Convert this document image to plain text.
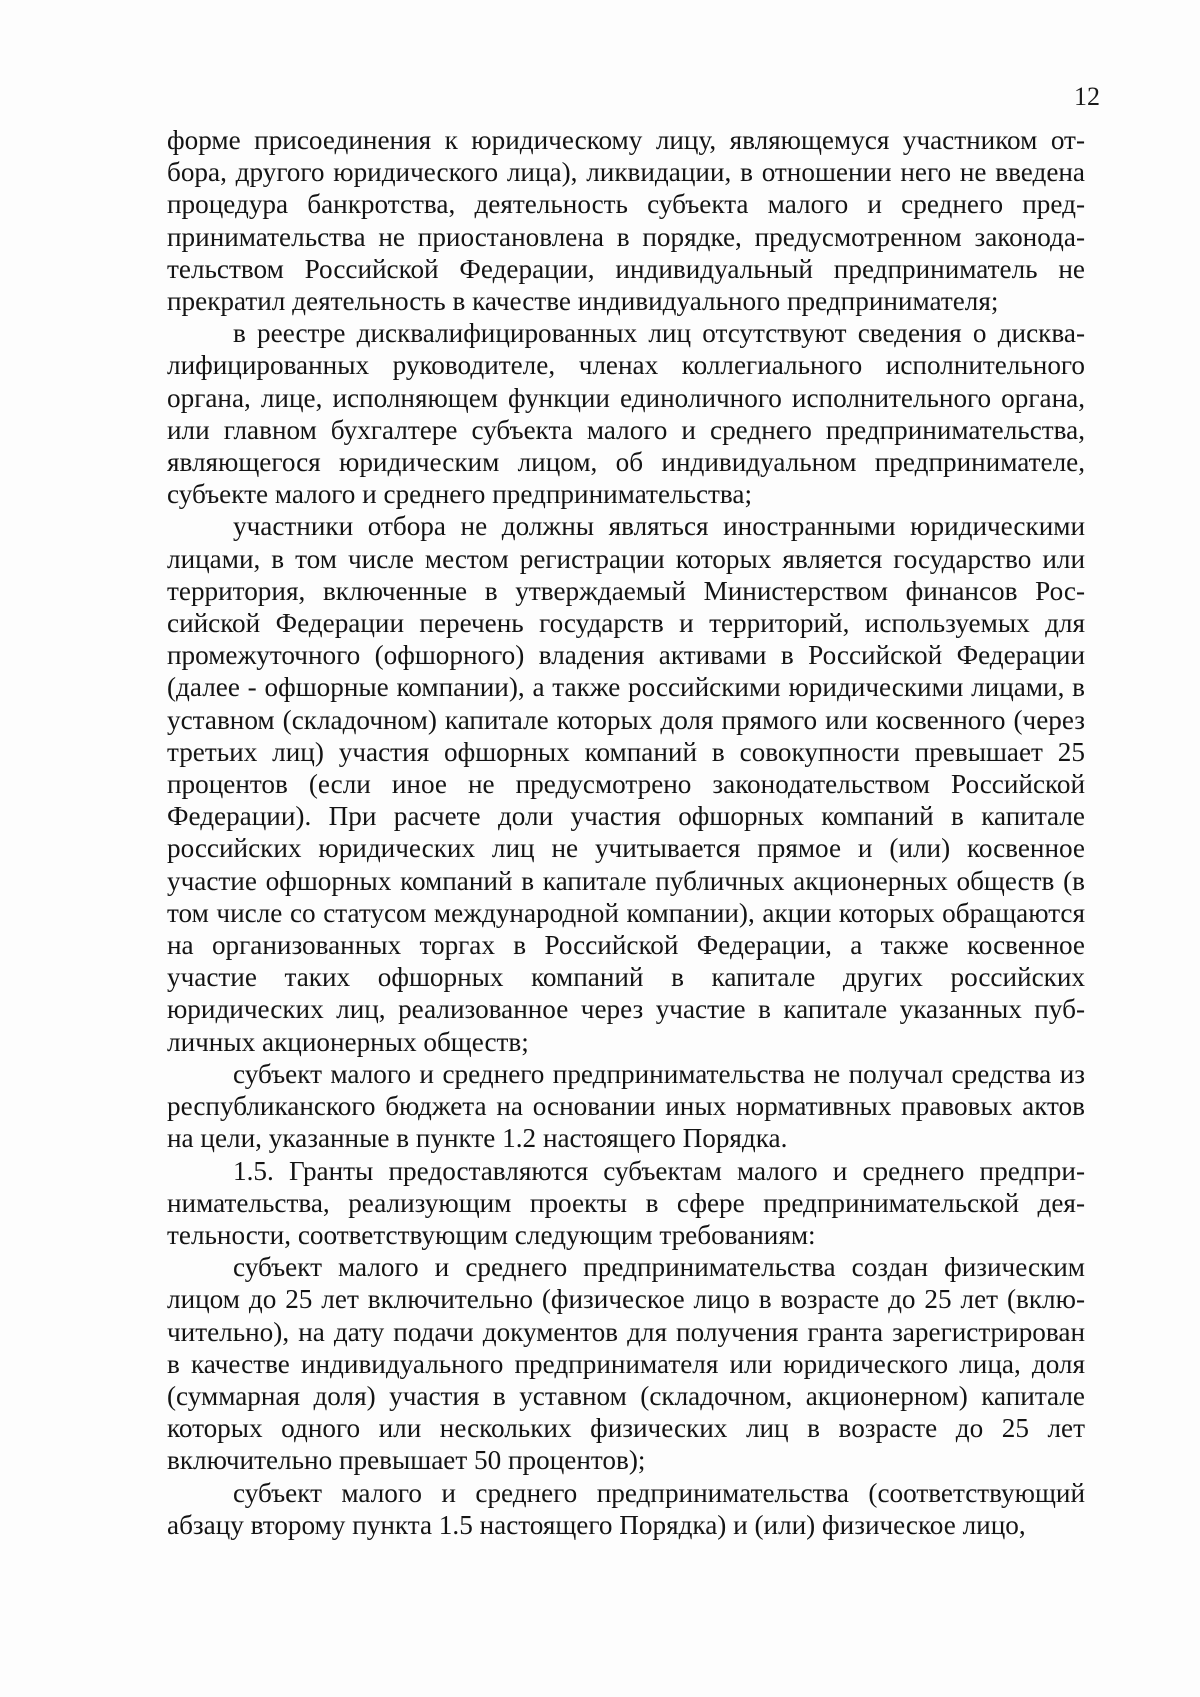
12

форме присоединения к юридическому лицу, являющемуся участником отбора, другого юридического лица), ликвидации, в отношении него не введена процедура банкротства, деятельность субъекта малого и среднего предпринимательства не приостановлена в порядке, предусмотренном законодательством Российской Федерации, индивидуальный предприниматель не прекратил деятельность в качестве индивидуального предпринимателя;

в реестре дисквалифицированных лиц отсутствуют сведения о дисквалифицированных руководителе, членах коллегиального исполнительного органа, лице, исполняющем функции единоличного исполнительного органа, или главном бухгалтере субъекта малого и среднего предпринимательства, являющегося юридическим лицом, об индивидуальном предпринимателе, субъекте малого и среднего предпринимательства;

участники отбора не должны являться иностранными юридическими лицами, в том числе местом регистрации которых является государство или территория, включенные в утверждаемый Министерством финансов Российской Федерации перечень государств и территорий, используемых для промежуточного (офшорного) владения активами в Российской Федерации (далее - офшорные компании), а также российскими юридическими лицами, в уставном (складочном) капитале которых доля прямого или косвенного (через третьих лиц) участия офшорных компаний в совокупности превышает 25 процентов (если иное не предусмотрено законодательством Российской Федерации). При расчете доли участия офшорных компаний в капитале российских юридических лиц не учитывается прямое и (или) косвенное участие офшорных компаний в капитале публичных акционерных обществ (в том числе со статусом международной компании), акции которых обращаются на организованных торгах в Российской Федерации, а также косвенное участие таких офшорных компаний в капитале других российских юридических лиц, реализованное через участие в капитале указанных публичных акционерных обществ;

субъект малого и среднего предпринимательства не получал средства из республиканского бюджета на основании иных нормативных правовых актов на цели, указанные в пункте 1.2 настоящего Порядка.

1.5. Гранты предоставляются субъектам малого и среднего предпринимательства, реализующим проекты в сфере предпринимательской деятельности, соответствующим следующим требованиям:

субъект малого и среднего предпринимательства создан физическим лицом до 25 лет включительно (физическое лицо в возрасте до 25 лет (включительно), на дату подачи документов для получения гранта зарегистрирован в качестве индивидуального предпринимателя или юридического лица, доля (суммарная доля) участия в уставном (складочном, акционерном) капитале которых одного или нескольких физических лиц в возрасте до 25 лет включительно превышает 50 процентов);

субъект малого и среднего предпринимательства (соответствующий абзацу второму пункта 1.5 настоящего Порядка) и (или) физическое лицо,
